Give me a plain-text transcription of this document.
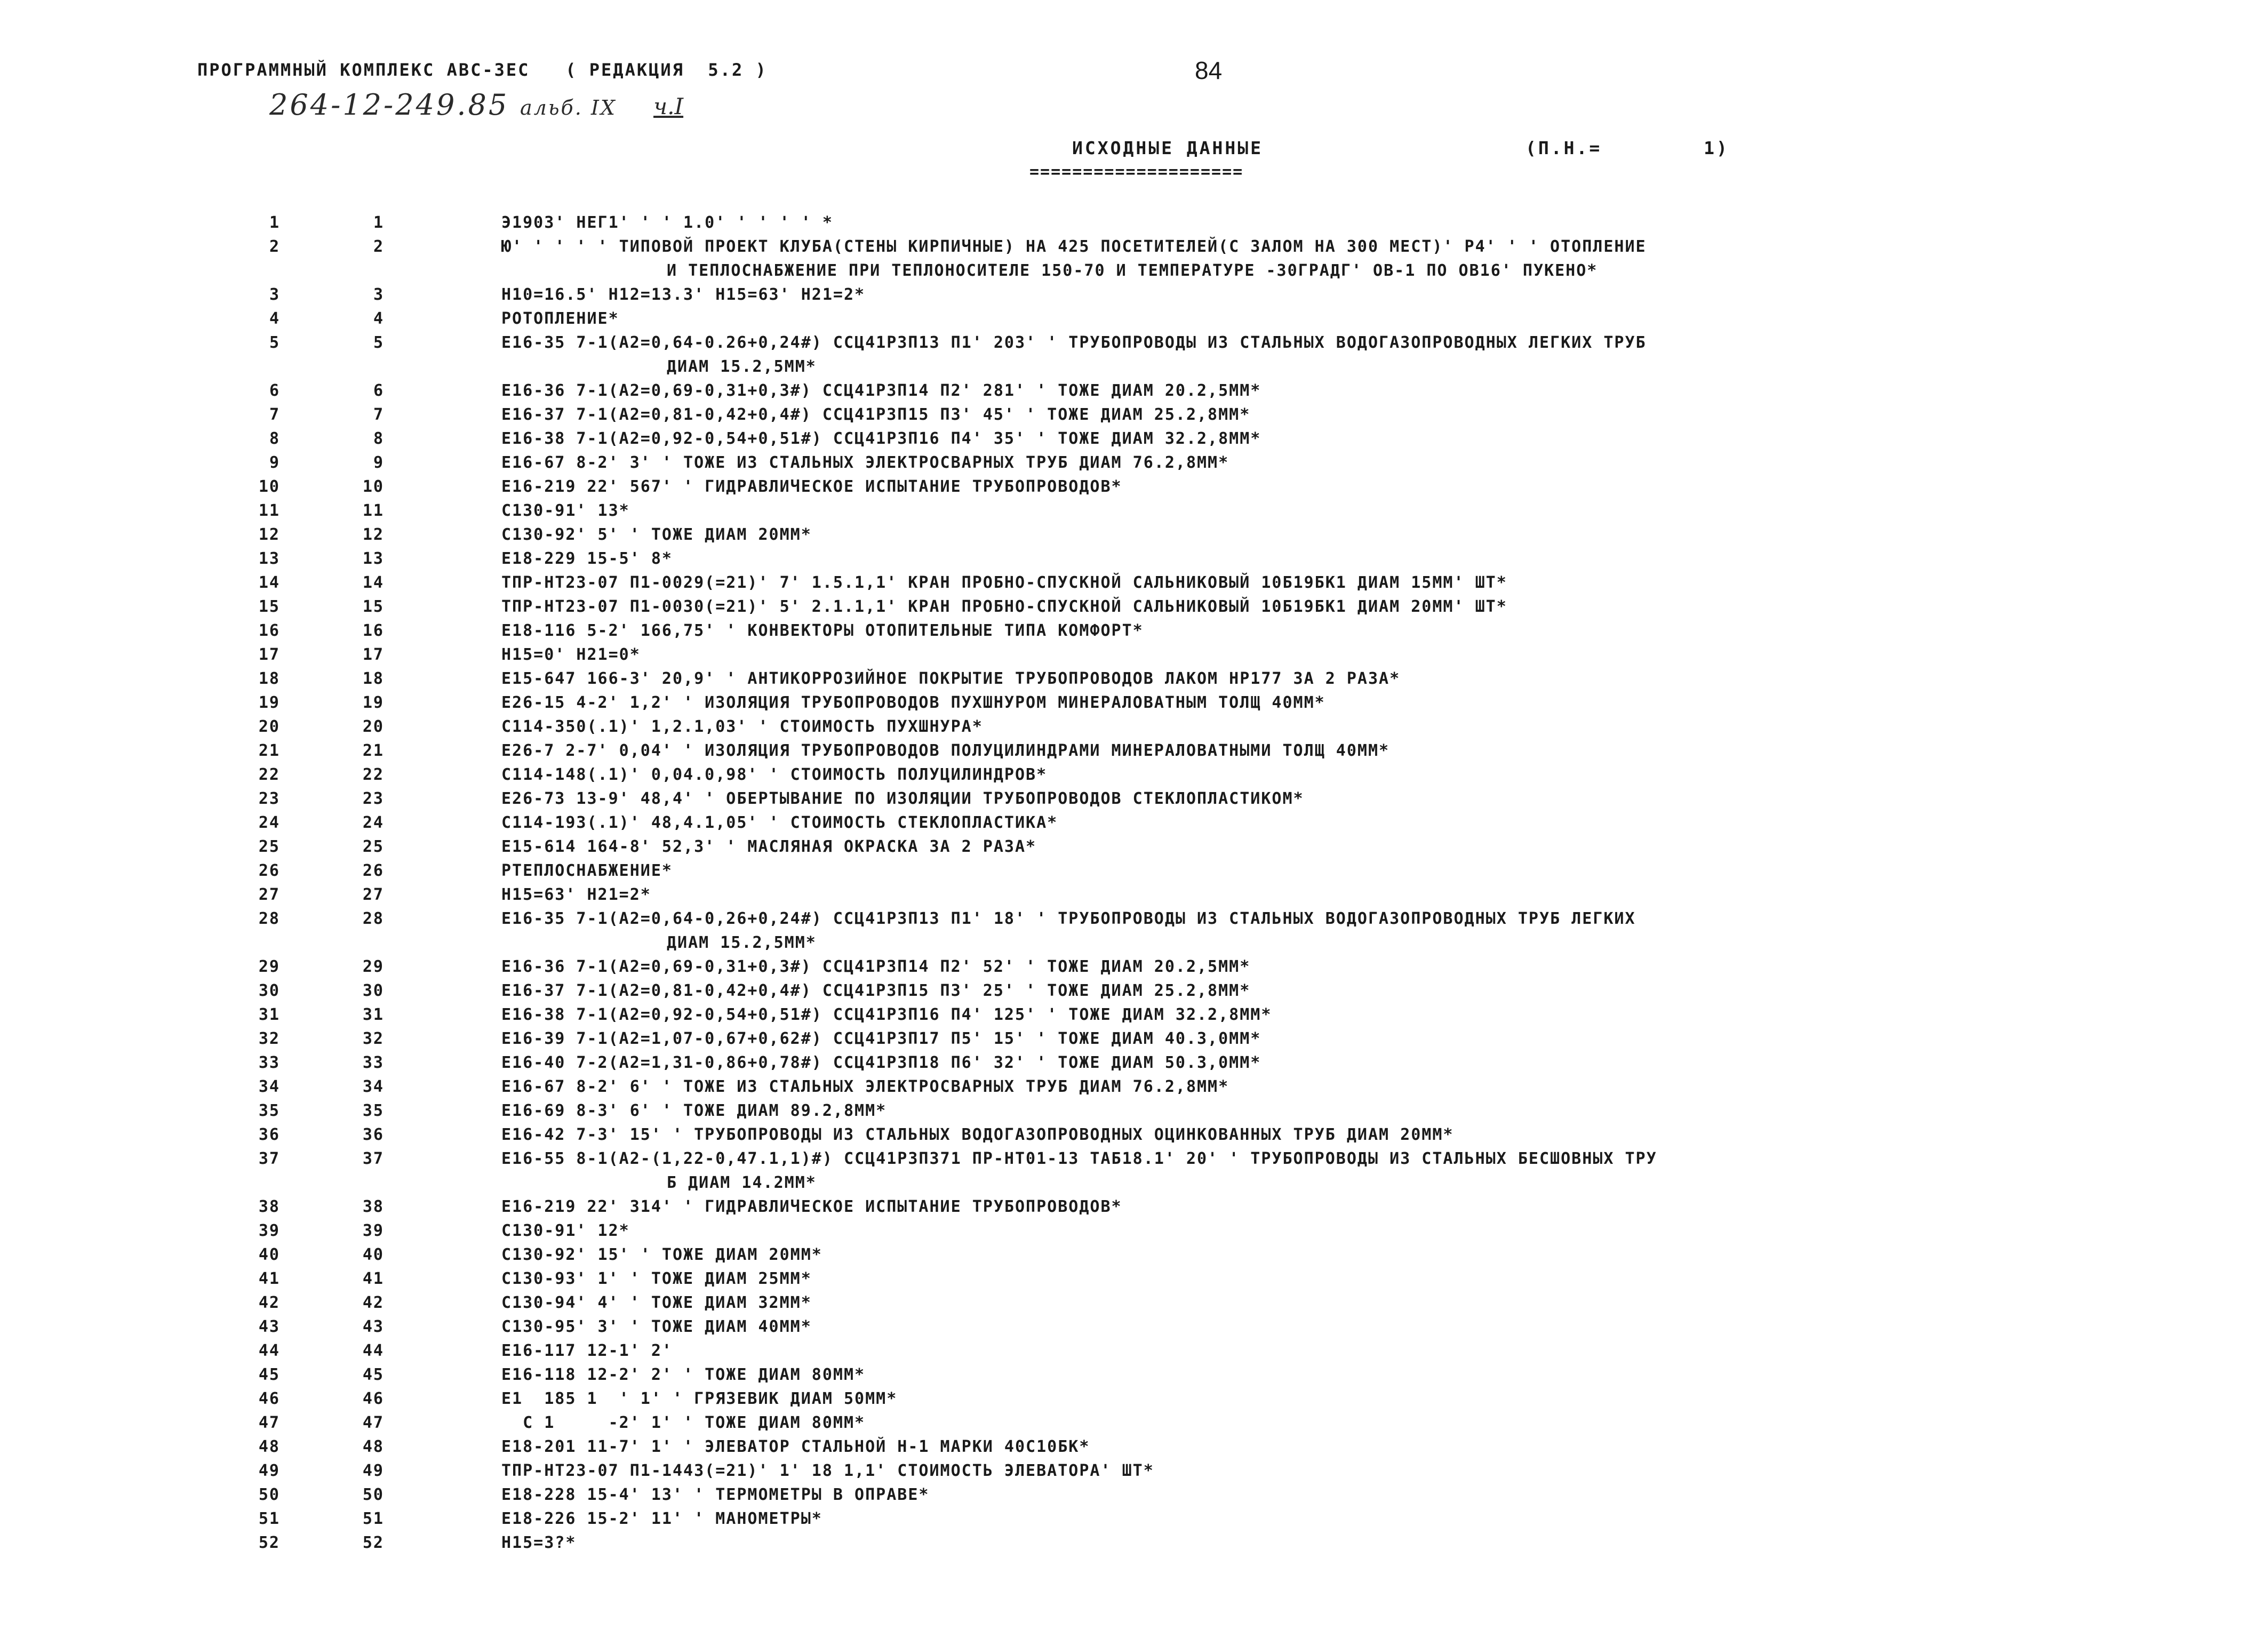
ПРОГРАММНЫЙ КОМПЛЕКС АВС-3ЕС   ( РЕДАКЦИЯ  5.2 )	84
264-12-249.85 альб. IX ч.I
ИСХОДНЫЕ ДАННЫЕ	(П.Н.=        1)
====================
1	1	Э1903' НЕГ1' ' ' 1.0' ' ' ' ' *
2	2	Ю' ' ' ' ' ТИПОВОЙ ПРОЕКТ КЛУБА(СТЕНЫ КИРПИЧНЫЕ) НА 425 ПОСЕТИТЕЛЕЙ(С ЗАЛОМ НА 300 МЕСТ)' Р4' ' ' ОТОПЛЕНИЕ
И ТЕПЛОСНАБЖЕНИЕ ПРИ ТЕПЛОНОСИТЕЛЕ 150-70 И ТЕМПЕРАТУРЕ -30ГРАДГ' ОВ-1 ПО ОВ16' ПУКЕНО*
3	3	Н10=16.5' Н12=13.3' Н15=63' Н21=2*
4	4	РОТОПЛЕНИЕ*
5	5	Е16-35 7-1(А2=0,64-0.26+0,24#) ССЦ41Р3П13 П1' 203' ' ТРУБОПРОВОДЫ ИЗ СТАЛЬНЫХ ВОДОГАЗОПРОВОДНЫХ ЛЕГКИХ ТРУБ
ДИАМ 15.2,5ММ*
6	6	Е16-36 7-1(А2=0,69-0,31+0,3#) ССЦ41Р3П14 П2' 281' ' ТОЖЕ ДИАМ 20.2,5ММ*
7	7	Е16-37 7-1(А2=0,81-0,42+0,4#) ССЦ41Р3П15 П3' 45' ' ТОЖЕ ДИАМ 25.2,8ММ*
8	8	Е16-38 7-1(А2=0,92-0,54+0,51#) ССЦ41Р3П16 П4' 35' ' ТОЖЕ ДИАМ 32.2,8ММ*
9	9	Е16-67 8-2' 3' ' ТОЖЕ ИЗ СТАЛЬНЫХ ЭЛЕКТРОСВАРНЫХ ТРУБ ДИАМ 76.2,8ММ*
10	10	Е16-219 22' 567' ' ГИДРАВЛИЧЕСКОЕ ИСПЫТАНИЕ ТРУБОПРОВОДОВ*
11	11	С130-91' 13*
12	12	С130-92' 5' ' ТОЖЕ ДИАМ 20ММ*
13	13	Е18-229 15-5' 8*
14	14	ТПР-НТ23-07 П1-0029(=21)' 7' 1.5.1,1' КРАН ПРОБНО-СПУСКНОЙ САЛЬНИКОВЫЙ 10Б19БК1 ДИАМ 15ММ' ШТ*
15	15	ТПР-НТ23-07 П1-0030(=21)' 5' 2.1.1,1' КРАН ПРОБНО-СПУСКНОЙ САЛЬНИКОВЫЙ 10Б19БК1 ДИАМ 20ММ' ШТ*
16	16	Е18-116 5-2' 166,75' ' КОНВЕКТОРЫ ОТОПИТЕЛЬНЫЕ ТИПА КОМФОРТ*
17	17	Н15=0' Н21=0*
18	18	Е15-647 166-3' 20,9' ' АНТИКОРРОЗИЙНОЕ ПОКРЫТИЕ ТРУБОПРОВОДОВ ЛАКОМ НР177 ЗА 2 РАЗА*
19	19	Е26-15 4-2' 1,2' ' ИЗОЛЯЦИЯ ТРУБОПРОВОДОВ ПУХШНУРОМ МИНЕРАЛОВАТНЫМ ТОЛЩ 40ММ*
20	20	С114-350(.1)' 1,2.1,03' ' СТОИМОСТЬ ПУХШНУРА*
21	21	Е26-7 2-7' 0,04' ' ИЗОЛЯЦИЯ ТРУБОПРОВОДОВ ПОЛУЦИЛИНДРАМИ МИНЕРАЛОВАТНЫМИ ТОЛЩ 40ММ*
22	22	С114-148(.1)' 0,04.0,98' ' СТОИМОСТЬ ПОЛУЦИЛИНДРОВ*
23	23	Е26-73 13-9' 48,4' ' ОБЕРТЫВАНИЕ ПО ИЗОЛЯЦИИ ТРУБОПРОВОДОВ СТЕКЛОПЛАСТИКОМ*
24	24	С114-193(.1)' 48,4.1,05' ' СТОИМОСТЬ СТЕКЛОПЛАСТИКА*
25	25	Е15-614 164-8' 52,3' ' МАСЛЯНАЯ ОКРАСКА ЗА 2 РАЗА*
26	26	РТЕПЛОСНАБЖЕНИЕ*
27	27	Н15=63' Н21=2*
28	28	Е16-35 7-1(А2=0,64-0,26+0,24#) ССЦ41Р3П13 П1' 18' ' ТРУБОПРОВОДЫ ИЗ СТАЛЬНЫХ ВОДОГАЗОПРОВОДНЫХ ТРУБ ЛЕГКИХ
ДИАМ 15.2,5ММ*
29	29	Е16-36 7-1(А2=0,69-0,31+0,3#) ССЦ41Р3П14 П2' 52' ' ТОЖЕ ДИАМ 20.2,5ММ*
30	30	Е16-37 7-1(А2=0,81-0,42+0,4#) ССЦ41Р3П15 П3' 25' ' ТОЖЕ ДИАМ 25.2,8ММ*
31	31	Е16-38 7-1(А2=0,92-0,54+0,51#) ССЦ41Р3П16 П4' 125' ' ТОЖЕ ДИАМ 32.2,8ММ*
32	32	Е16-39 7-1(А2=1,07-0,67+0,62#) ССЦ41Р3П17 П5' 15' ' ТОЖЕ ДИАМ 40.3,0ММ*
33	33	Е16-40 7-2(А2=1,31-0,86+0,78#) ССЦ41Р3П18 П6' 32' ' ТОЖЕ ДИАМ 50.3,0ММ*
34	34	Е16-67 8-2' 6' ' ТОЖЕ ИЗ СТАЛЬНЫХ ЭЛЕКТРОСВАРНЫХ ТРУБ ДИАМ 76.2,8ММ*
35	35	Е16-69 8-3' 6' ' ТОЖЕ ДИАМ 89.2,8ММ*
36	36	Е16-42 7-3' 15' ' ТРУБОПРОВОДЫ ИЗ СТАЛЬНЫХ ВОДОГАЗОПРОВОДНЫХ ОЦИНКОВАННЫХ ТРУБ ДИАМ 20ММ*
37	37	Е16-55 8-1(А2-(1,22-0,47.1,1)#) ССЦ41Р3П371 ПР-НТ01-13 ТАБ18.1' 20' ' ТРУБОПРОВОДЫ ИЗ СТАЛЬНЫХ БЕСШОВНЫХ ТРУ
Б ДИАМ 14.2ММ*
38	38	Е16-219 22' 314' ' ГИДРАВЛИЧЕСКОЕ ИСПЫТАНИЕ ТРУБОПРОВОДОВ*
39	39	С130-91' 12*
40	40	С130-92' 15' ' ТОЖЕ ДИАМ 20ММ*
41	41	С130-93' 1' ' ТОЖЕ ДИАМ 25ММ*
42	42	С130-94' 4' ' ТОЖЕ ДИАМ 32ММ*
43	43	С130-95' 3' ' ТОЖЕ ДИАМ 40ММ*
44	44	Е16-117 12-1' 2'
45	45	Е16-118 12-2' 2' ' ТОЖЕ ДИАМ 80ММ*
46	46	Е1  185 1  ' 1' ' ГРЯЗЕВИК ДИАМ 50ММ*
47	47	С 1     -2' 1' ' ТОЖЕ ДИАМ 80ММ*
48	48	Е18-201 11-7' 1' ' ЭЛЕВАТОР СТАЛЬНОЙ Н-1 МАРКИ 40С10БК*
49	49	ТПР-НТ23-07 П1-1443(=21)' 1' 18 1,1' СТОИМОСТЬ ЭЛЕВАТОРА' ШТ*
50	50	Е18-228 15-4' 13' ' ТЕРМОМЕТРЫ В ОПРАВЕ*
51	51	Е18-226 15-2' 11' ' МАНОМЕТРЫ*
52	52	Н15=3?*
